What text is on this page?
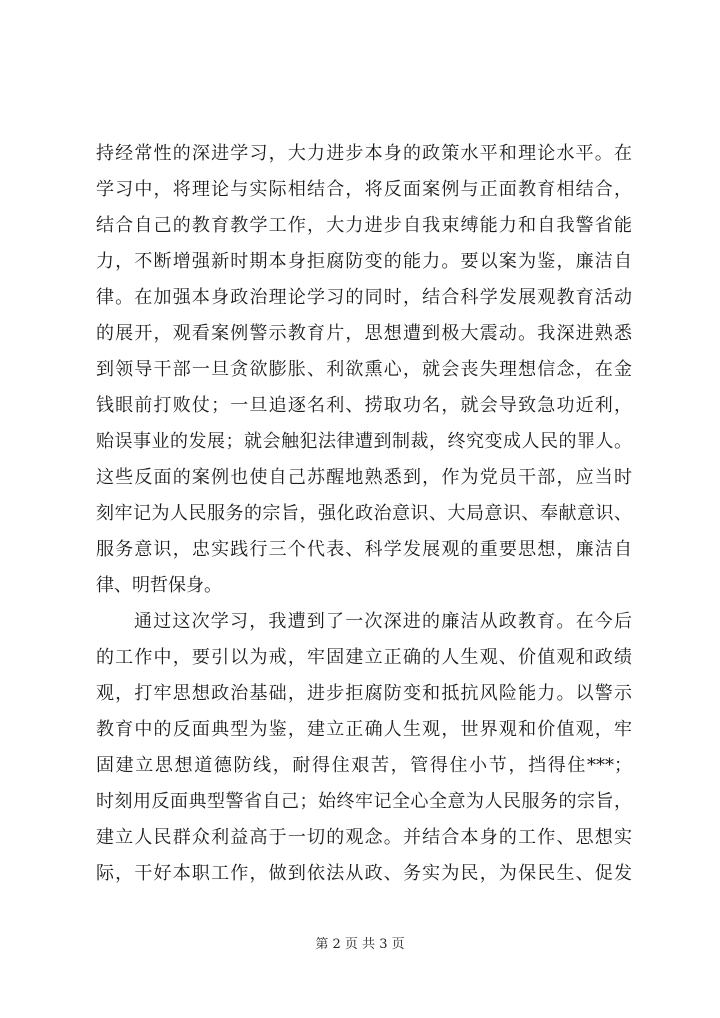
持经常性的深进学习，大力进步本身的政策水平和理论水平。在
学习中，将理论与实际相结合，将反面案例与正面教育相结合，
结合自己的教育教学工作，大力进步自我束缚能力和自我警省能
力，不断增强新时期本身拒腐防变的能力。要以案为鉴，廉洁自
律。在加强本身政治理论学习的同时，结合科学发展观教育活动
的展开，观看案例警示教育片，思想遭到极大震动。我深进熟悉
到领导干部一旦贪欲膨胀、利欲熏心，就会丧失理想信念，在金
钱眼前打败仗；一旦追逐名利、捞取功名，就会导致急功近利，
贻误事业的发展；就会触犯法律遭到制裁，终究变成人民的罪人。
这些反面的案例也使自己苏醒地熟悉到，作为党员干部，应当时
刻牢记为人民服务的宗旨，强化政治意识、大局意识、奉献意识、
服务意识，忠实践行三个代表、科学发展观的重要思想，廉洁自
律、明哲保身。
通过这次学习，我遭到了一次深进的廉洁从政教育。在今后
的工作中，要引以为戒，牢固建立正确的人生观、价值观和政绩
观，打牢思想政治基础，进步拒腐防变和抵抗风险能力。以警示
教育中的反面典型为鉴，建立正确人生观，世界观和价值观，牢
固建立思想道德防线，耐得住艰苦，管得住小节，挡得住***；
时刻用反面典型警省自己；始终牢记全心全意为人民服务的宗旨，
建立人民群众利益高于一切的观念。并结合本身的工作、思想实
际，干好本职工作，做到依法从政、务实为民，为保民生、促发
第 2 页 共 3 页
